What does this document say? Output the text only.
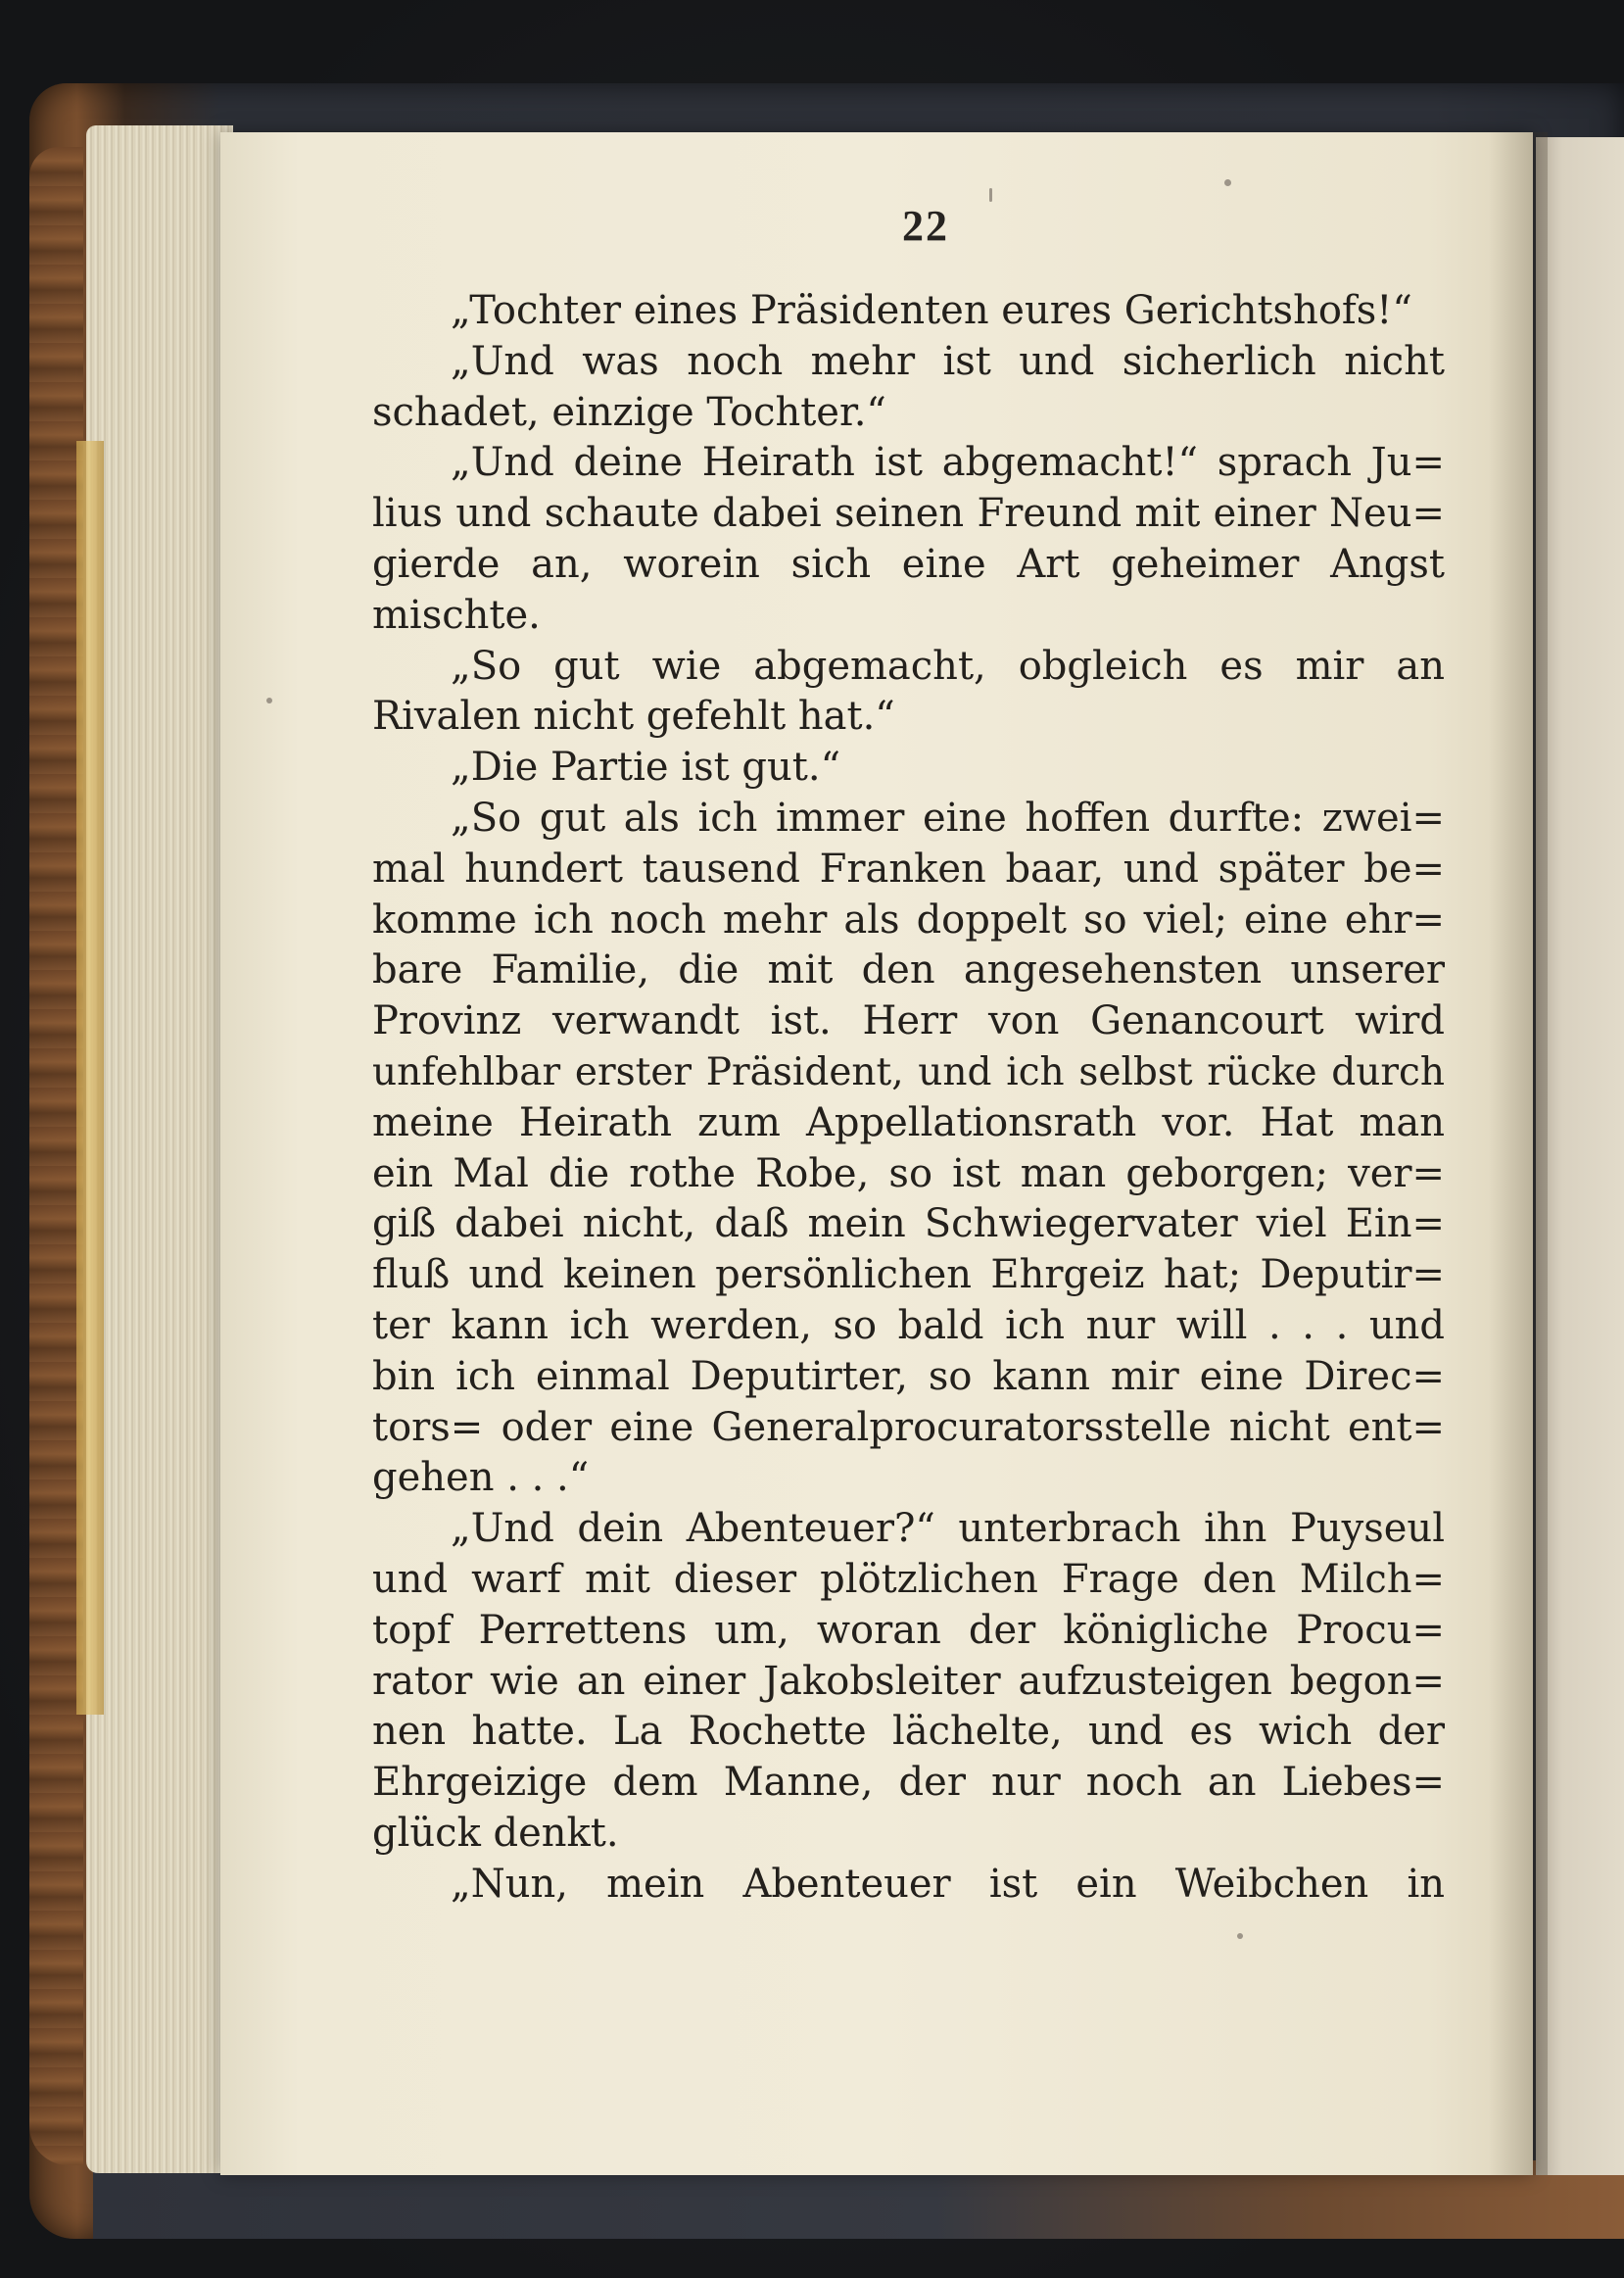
22
„Tochter eines Präsidenten eures Gerichtshofs!“
„Und was noch mehr ist und sicherlich nicht
schadet, einzige Tochter.“
„Und deine Heirath ist abgemacht!“ sprach Ju=
lius und schaute dabei seinen Freund mit einer Neu=
gierde an, worein sich eine Art geheimer Angst
mischte.
„So gut wie abgemacht, obgleich es mir an
Rivalen nicht gefehlt hat.“
„Die Partie ist gut.“
„So gut als ich immer eine hoffen durfte: zwei=
mal hundert tausend Franken baar, und später be=
komme ich noch mehr als doppelt so viel; eine ehr=
bare Familie, die mit den angesehensten unserer
Provinz verwandt ist. Herr von Genancourt wird
unfehlbar erster Präsident, und ich selbst rücke durch
meine Heirath zum Appellationsrath vor. Hat man
ein Mal die rothe Robe, so ist man geborgen; ver=
giß dabei nicht, daß mein Schwiegervater viel Ein=
fluß und keinen persönlichen Ehrgeiz hat; Deputir=
ter kann ich werden, so bald ich nur will . . . und
bin ich einmal Deputirter, so kann mir eine Direc=
tors= oder eine Generalprocuratorsstelle nicht ent=
gehen . . .“
„Und dein Abenteuer?“ unterbrach ihn Puyseul
und warf mit dieser plötzlichen Frage den Milch=
topf Perrettens um, woran der königliche Procu=
rator wie an einer Jakobsleiter aufzusteigen begon=
nen hatte. La Rochette lächelte, und es wich der
Ehrgeizige dem Manne, der nur noch an Liebes=
glück denkt.
„Nun, mein Abenteuer ist ein Weibchen in
